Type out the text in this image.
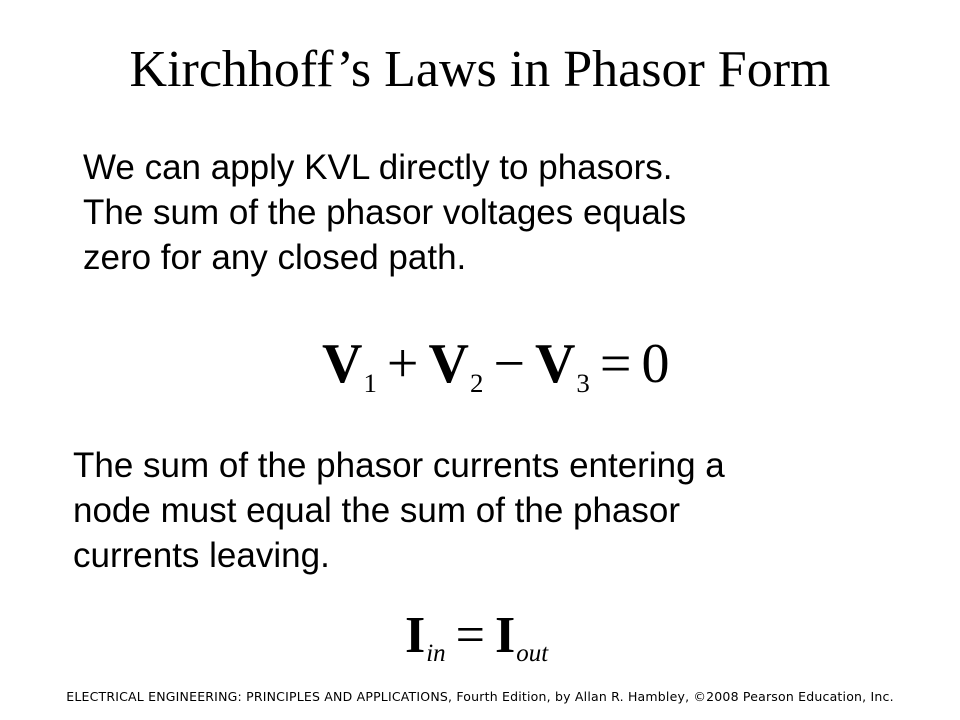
Kirchhoff’s Laws in Phasor Form
We can apply KVL directly to phasors.
The sum of the phasor voltages equals
zero for any closed path.
V1 + V2 − V3 = 0
The sum of the phasor currents entering a
node must equal the sum of the phasor
currents leaving.
Iin = Iout
ELECTRICAL ENGINEERING: PRINCIPLES AND APPLICATIONS, Fourth Edition, by Allan R. Hambley, ©2008 Pearson Education, Inc.
